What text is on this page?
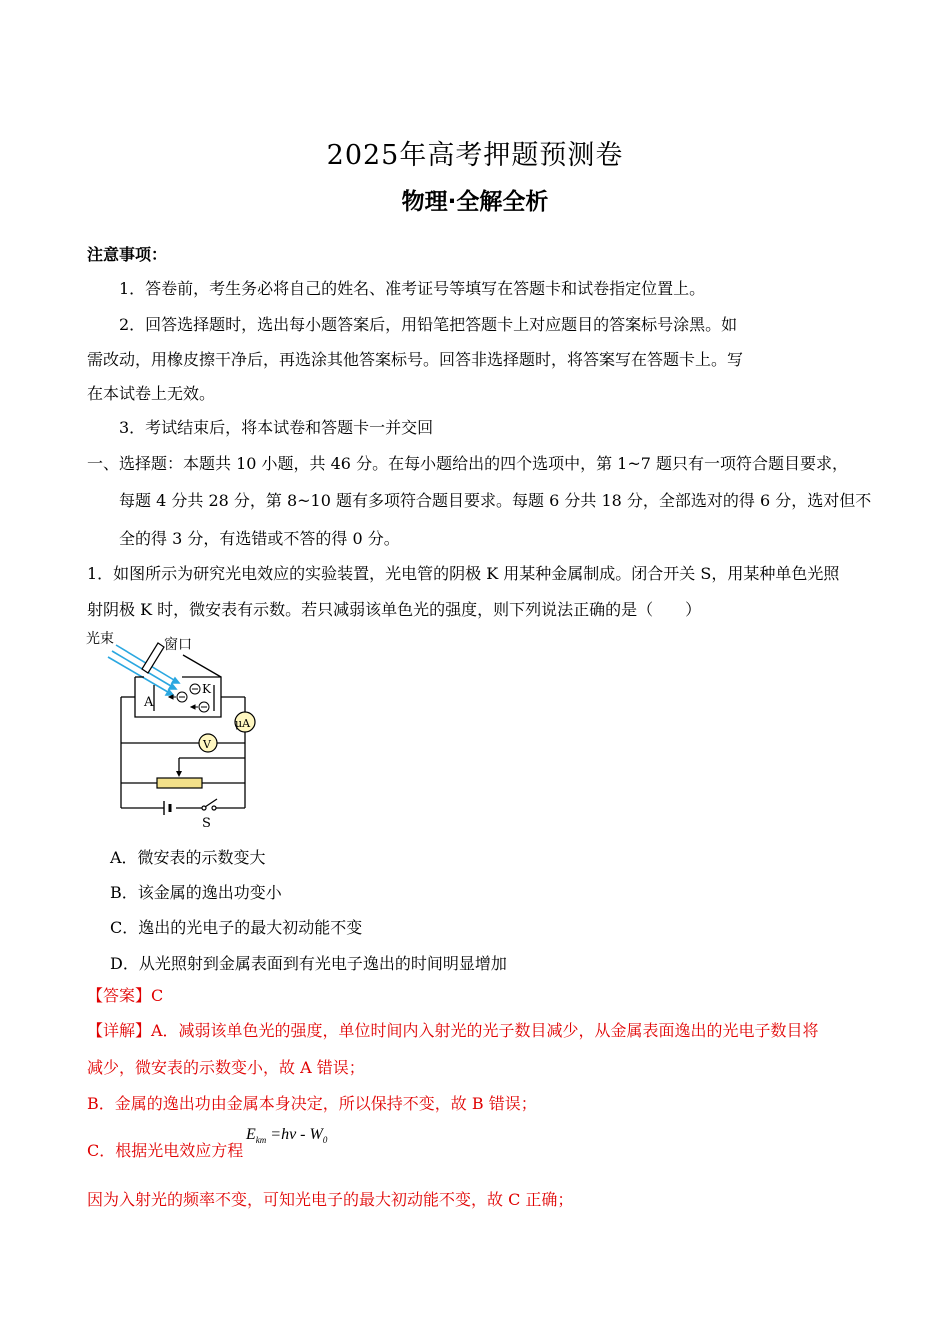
2025年高考押题预测卷
物理·全解全析
注意事项：
1．答卷前，考生务必将自己的姓名、准考证号等填写在答题卡和试卷指定位置上。
2．回答选择题时，选出每小题答案后，用铅笔把答题卡上对应题目的答案标号涂黑。如
需改动，用橡皮擦干净后，再选涂其他答案标号。回答非选择题时，将答案写在答题卡上。写
在本试卷上无效。
3．考试结束后，将本试卷和答题卡一并交回
一、选择题：本题共 10 小题，共 46 分。在每小题给出的四个选项中，第 1~7 题只有一项符合题目要求，
每题 4 分共 28 分，第 8~10 题有多项符合题目要求。每题 6 分共 18 分，全部选对的得 6 分，选对但不
全的得 3 分，有选错或不答的得 0 分。
1．如图所示为研究光电效应的实验装置，光电管的阴极 K 用某种金属制成。闭合开关 S，用某种单色光照
射阴极 K 时，微安表有示数。若只减弱该单色光的强度，则下列说法正确的是（　　）
光束	窗口
A
K
μA
V
S
A．微安表的示数变大
B．该金属的逸出功变小
C．逸出的光电子的最大初动能不变
D．从光照射到金属表面到有光电子逸出的时间明显增加
【答案】C
【详解】A．减弱该单色光的强度，单位时间内入射光的光子数目减少，从金属表面逸出的光电子数目将
减少，微安表的示数变小，故 A 错误；
B．金属的逸出功由金属本身决定，所以保持不变，故 B 错误；
C．根据光电效应方程
$E_{km} =h\nu - W_0$
因为入射光的频率不变，可知光电子的最大初动能不变，故 C 正确；
